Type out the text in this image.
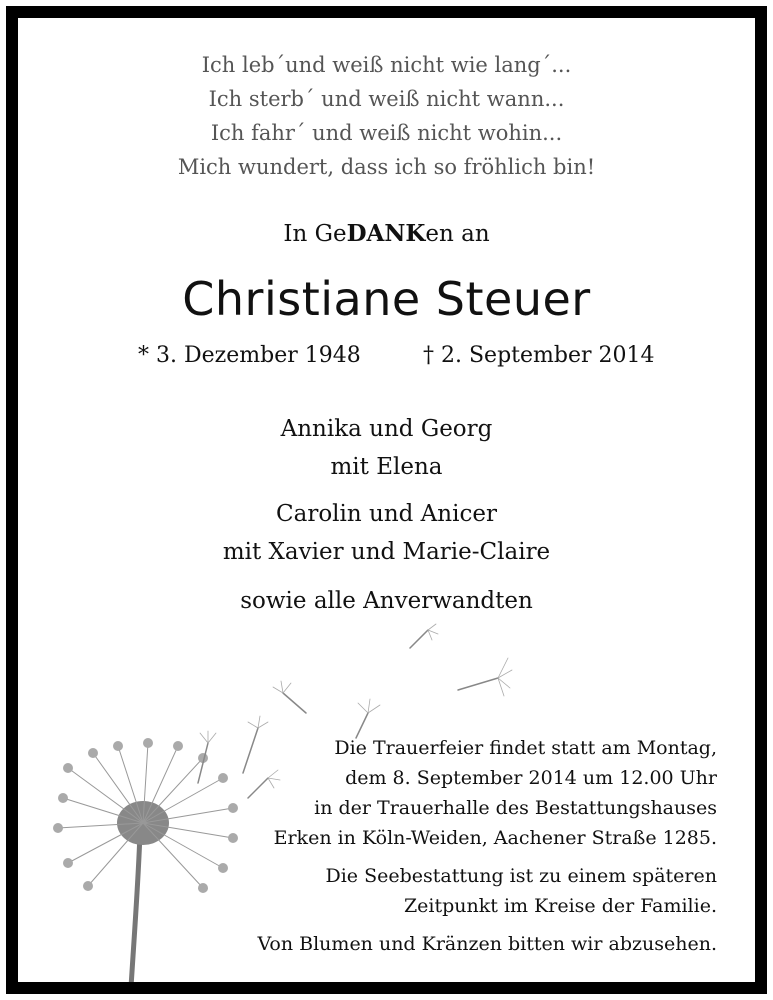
Ich leb´und weiß nicht wie lang´...
Ich sterb´ und weiß nicht wann...
Ich fahr´ und weiß nicht wohin...
Mich wundert, dass ich so fröhlich bin!
In GeDANKen an
Christiane Steuer
* 3. Dezember 1948	† 2. September 2014
Annika und Georg
mit Elena
Carolin und Anicer
mit Xavier und Marie-Claire
sowie alle Anverwandten
Die Trauerfeier findet statt am Montag,
dem 8. September 2014 um 12.00 Uhr
in der Trauerhalle des Bestattungshauses
Erken in Köln-Weiden, Aachener Straße 1285.
Die Seebestattung ist zu einem späteren
Zeitpunkt im Kreise der Familie.
Von Blumen und Kränzen bitten wir abzusehen.
